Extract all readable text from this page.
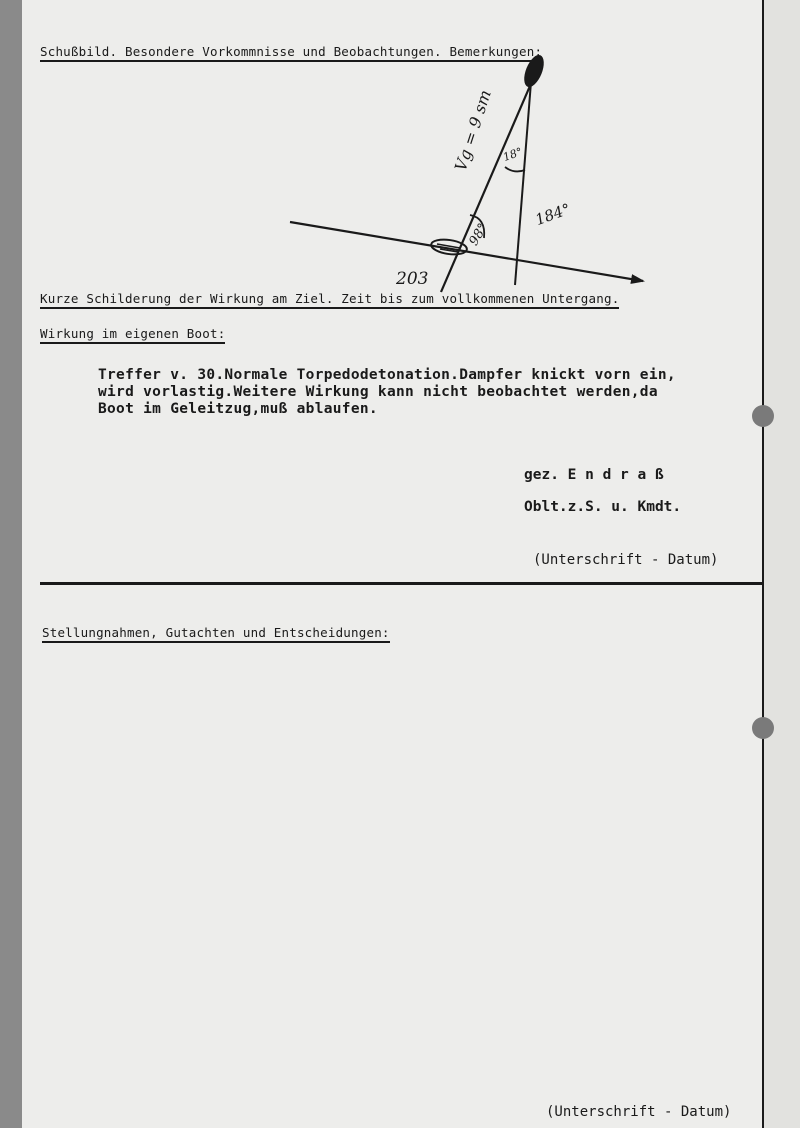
Schußbild. Besondere Vorkommnisse und Beobachtungen. Bemerkungen:
Vg = 9 sm 18°
184°
98°
203
Kurze Schilderung der Wirkung am Ziel. Zeit bis zum vollkommenen Untergang.
Wirkung im eigenen Boot:
Treffer v. 30.Normale Torpedodetonation.Dampfer knickt vorn ein,
wird vorlastig.Weitere Wirkung kann nicht beobachtet werden,da
Boot im Geleitzug,muß ablaufen.
gez. E n d r a ß
Oblt.z.S. u. Kmdt.
(Unterschrift - Datum)
Stellungnahmen, Gutachten und Entscheidungen:
(Unterschrift - Datum)
